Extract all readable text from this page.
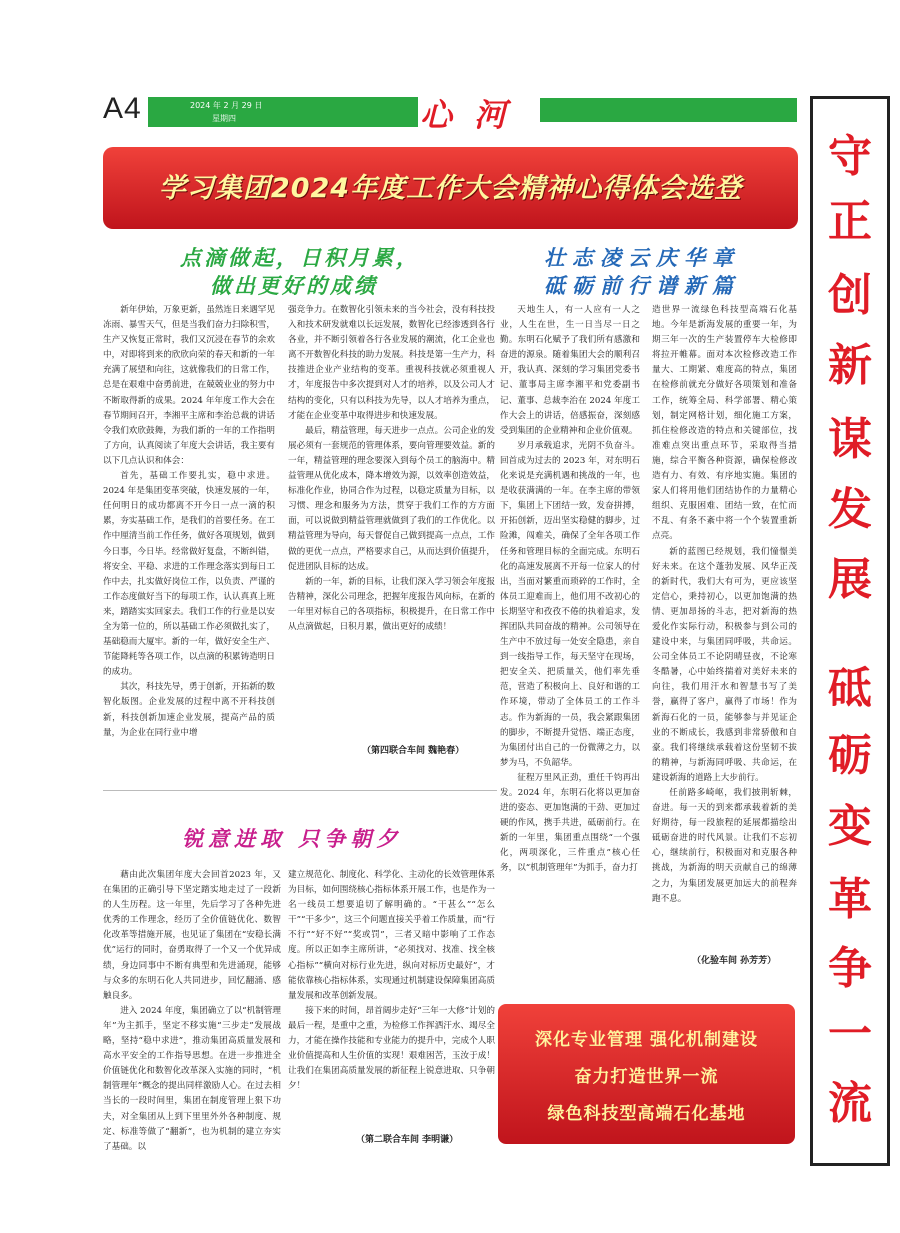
A4	2024 年 2 月 29 日
星期四	心河
守
正
创
新
谋
发
展
砥
砺
变
革
争
一
流
学习集团2024年度工作大会精神心得体会选登
点滴做起，日积月累，
做出更好的成绩

新年伊始，万象更新，虽然连日来遇罕见冻雨、暴雪天气，但是当我们奋力扫除积雪，生产又恢复正常时，我们又沉浸在春节的余欢中，对即将到来的欣欣向荣的春天和新的一年充满了展望和向往，这就像我们的日常工作，总是在艰难中奋勇前进，在兢兢业业的努力中不断取得新的成果。2024 年年度工作大会在春节期间召开，李湘平主席和李治总裁的讲话令我们欢欣鼓舞，为我们新的一年的工作指明了方向，认真阅读了年度大会讲话，我主要有以下几点认识和体会：

首先，基础工作要扎实，稳中求进。2024 年是集团变革突破，快速发展的一年，任何明日的成功都离不开今日一点一滴的积累，夯实基础工作，是我们的首要任务。在工作中厘清当前工作任务，做好各项规划，做到今日事，今日毕。经常做好复盘，不断纠错，将安全、平稳、求进的工作理念落实到每日工作中去，扎实做好岗位工作，以负责、严谨的工作态度做好当下的每项工作，认认真真上班来，踏踏实实回家去。我们工作的行业是以安全为第一位的，所以基础工作必须做扎实了，基础稳而大厦牢。新的一年，做好安全生产、节能降耗等各项工作，以点滴的积累铸造明日的成功。

其次，科技先导，勇于创新，开拓新的数智化版图。企业发展的过程中离不开科技创新，科技创新加速企业发展，提高产品的质量，为企业在同行业中增

强竞争力。在数智化引领未来的当今社会，没有科技投入和技术研发就难以长远发展，数智化已经渗透到各行各业，并不断引领着各行各业发展的潮流，化工企业也离不开数智化科技的助力发展。科技是第一生产力，科技推进企业产业结构的变革。重视科技就必须重视人才，年度报告中多次提到对人才的培养，以及公司人才结构的变化，只有以科技为先导，以人才培养为重点，才能在企业变革中取得进步和快速发展。

最后，精益管理，每天进步一点点。公司企业的发展必须有一套规范的管理体系，要向管理要效益。新的一年，精益管理的理念要深入到每个员工的脑海中。精益管理从优化成本，降本增效为源，以效率创造效益，标准化作业，协同合作为过程，以稳定质量为目标，以习惯、理念和服务为方法，贯穿于我们工作的方方面面，可以说做到精益管理就做到了我们的工作优化。以精益管理为导向，每天督促自己做到提高一点点，工作做的更优一点点，严格要求自己，从而达到价值提升，促进团队目标的达成。

新的一年，新的目标，让我们深入学习领会年度报告精神，深化公司理念，把握年度报告风向标，在新的一年里对标自己的各项指标，积极提升，在日常工作中从点滴做起，日积月累，做出更好的成绩！

（第四联合车间 魏艳春）
锐意进取 只争朝夕

藉由此次集团年度大会回首2023 年，又在集团的正确引导下坚定踏实地走过了一段新的人生历程。这一年里，先后学习了各种先进优秀的工作理念，经历了全价值链优化、数智化改革等措施开展，也见证了集团在“安稳长满优”运行的同时，奋勇取得了一个又一个优异成绩，身边同事中不断有典型和先进涌现，能够与众多的东明石化人共同进步，回忆翻涌、感触良多。

进入 2024 年度，集团确立了以“机制管理年”为主抓手，坚定不移实施“三步走”发展战略，坚持“稳中求进”，推动集团高质量发展和高水平安全的工作指导思想。在进一步推进全价值链优化和数智化改革深入实施的同时，“机制管理年”概念的提出同样激励人心。在过去相当长的一段时间里，集团在制度管理上狠下功夫，对全集团从上到下里里外外各种制度、规定、标准等做了“翻新”，也为机制的建立夯实了基础。以

建立规范化、制度化、科学化、主动化的长效管理体系为目标，如何围绕核心指标体系开展工作，也是作为一名一线员工想要追切了解明确的。“干甚么”“怎么干”“干多少”，这三个问题直接关乎着工作质量，而“行不行”“好不好”“奖或罚”，三者又暗中影响了工作态度。所以正如李主席所讲，“必须找对、找准、找全核心指标”“横向对标行业先进，纵向对标历史最好”，才能依靠核心指标体系，实现通过机制建设保障集团高质量发展和改革创新发展。

接下来的时间，昂首阔步走好“三年一大修”计划的最后一程，是重中之重，为检修工作挥洒汗水、竭尽全力，才能在操作技能和专业能力的提升中，完成个人职业价值提高和人生价值的实现！艰难困苦，玉汝于成！让我们在集团高质量发展的新征程上锐意进取、只争朝夕！

（第二联合车间 李明谦）
壮志凌云庆华章
砥砺前行谱新篇

天地生人，有一人应有一人之业，人生在世，生一日当尽一日之勤。东明石化赋予了我们所有感激和奋进的源泉。随着集团大会的顺利召开，我认真、深刻的学习集团党委书记、董事局主席李湘平和党委副书记、董事、总裁李治在 2024 年度工作大会上的讲话，倍感振奋，深刻感受到集团的企业精神和企业价值观。

岁月承载追求，光阴不负奋斗。回首成为过去的 2023 年，对东明石化来说是充满机遇和挑战的一年，也是收获满满的一年。在李主席的带领下，集团上下团结一致，发奋拼搏，开拓创新，迈出坚实稳健的脚步，过险滩，闯难关，确保了全年各项工作任务和管理目标的全面完成。东明石化的高速发展离不开每一位家人的付出，当面对繁重而琐碎的工作时，全体员工迎难而上，他们用不改初心的长期坚守和孜孜不倦的执着追求，发挥团队共同奋战的精神。公司领导在生产中不放过每一处安全隐患，亲自到一线指导工作，每天坚守在现场，把安全关、把质量关，他们率先垂范，营造了积极向上、良好和谐的工作环境，带动了全体员工的工作斗志。作为新海的一员，我会紧跟集团的脚步，不断提升觉悟、端正态度，为集团付出自己的一份微薄之力，以梦为马，不负韶华。

征程万里风正劲，重任千钧再出发。2024 年，东明石化将以更加奋进的姿态、更加饱满的干劲、更加过硬的作风，携手共进，砥砺前行。在新的一年里，集团重点围绕“一个强化，两项深化，三件重点”核心任务，以“机制管理年”为抓手，奋力打

造世界一流绿色科技型高端石化基地。今年是新海发展的重要一年，为期三年一次的生产装置停车大检修即将拉开帷幕。面对本次检修改造工作量大、工期紧、难度高的特点，集团在检修前就充分做好各项策划和准备工作，统筹全局、科学部署、精心策划，制定网格计划，细化施工方案，抓住检修改造的特点和关键部位，找准难点突出重点环节，采取得当措施，综合平衡各种资源，确保检修改造有力、有效、有序地实施。集团的家人们将用他们团结协作的力量精心组织、克服困难、团结一致，在忙而不乱、有条不紊中将一个个装置重新点亮。

新的蓝图已经规划，我们憧憬美好未来。在这个蓬勃发展、风华正茂的新时代，我们大有可为，更应该坚定信心，秉持初心，以更加饱满的热情、更加昂扬的斗志，把对新海的热爱化作实际行动，积极参与到公司的建设中来，与集团同呼吸，共命运。公司全体员工不论阴晴昼夜，不论寒冬酷暑，心中始终揣着对美好未来的向往，我们用汗水和智慧书写了美誉，赢得了客户，赢得了市场！作为新海石化的一员，能够参与并见证企业的不断成长，我感到非常骄傲和自豪。我们将继续承载着这份坚韧不拔的精神，与新海同呼吸、共命运，在建设新海的道路上大步前行。

任前路多崎岖，我们披荆斩棘，奋进。每一天的到来都承载着新的美好期待，每一段旅程的延展都描绘出砥砺奋进的时代风景。让我们不忘初心，继续前行，积极面对和克服各种挑战，为新海的明天贡献自己的绵薄之力，为集团发展更加远大的前程奔跑不息。

（化验车间 孙芳芳）
深化专业管理 强化机制建设
奋力打造世界一流
绿色科技型高端石化基地
